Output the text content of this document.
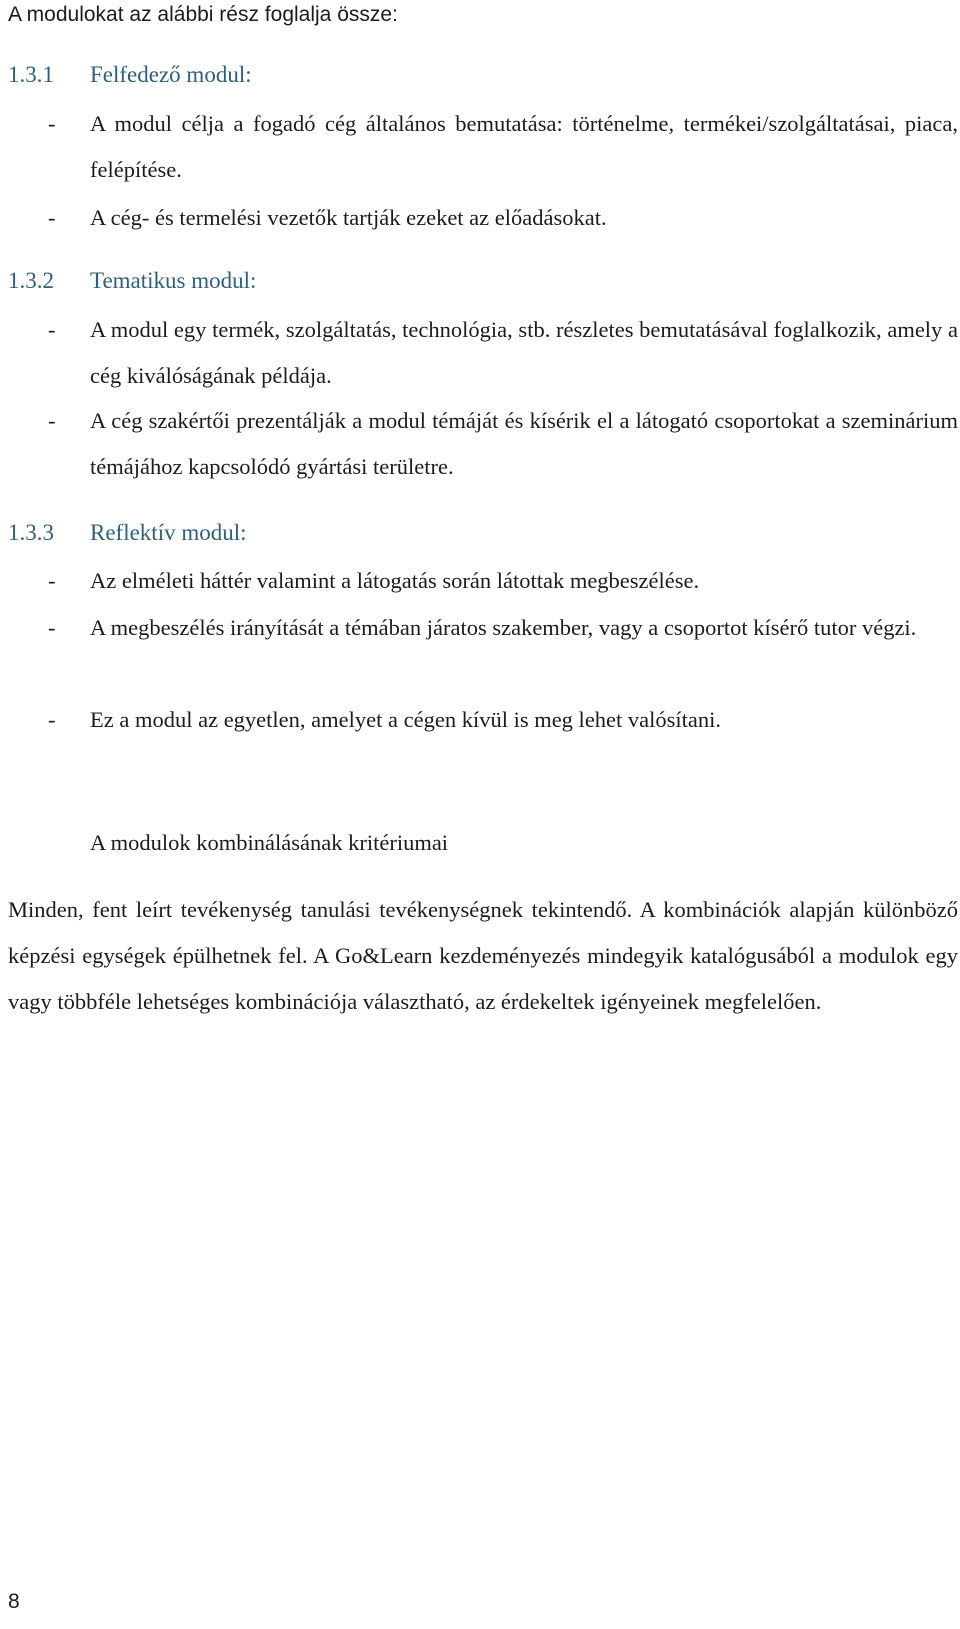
A modulokat az alábbi rész foglalja össze:
1.3.1 Felfedező modul:
- A modul célja a fogadó cég általános bemutatása: történelme, termékei/szolgáltatásai, piaca, felépítése.
- A cég- és termelési vezetők tartják ezeket az előadásokat.
1.3.2 Tematikus modul:
- A modul egy termék, szolgáltatás, technológia, stb. részletes bemutatásával foglalkozik, amely a cég kiválóságának példája.
- A cég szakértői prezentálják a modul témáját és kísérik el a látogató csoportokat a szeminárium témájához kapcsolódó gyártási területre.
1.3.3 Reflektív modul:
- Az elméleti háttér valamint a látogatás során látottak megbeszélése.
- A megbeszélés irányítását a témában járatos szakember, vagy a csoportot kísérő tutor végzi.
- Ez a modul az egyetlen, amelyet a cégen kívül is meg lehet valósítani.
A modulok kombinálásának kritériumai
Minden, fent leírt tevékenység tanulási tevékenységnek tekintendő. A kombinációk alapján különböző képzési egységek épülhetnek fel. A Go&Learn kezdeményezés mindegyik katalógusából a modulok egy vagy többféle lehetséges kombinációja választható, az érdekeltek igényeinek megfelelően.
8
